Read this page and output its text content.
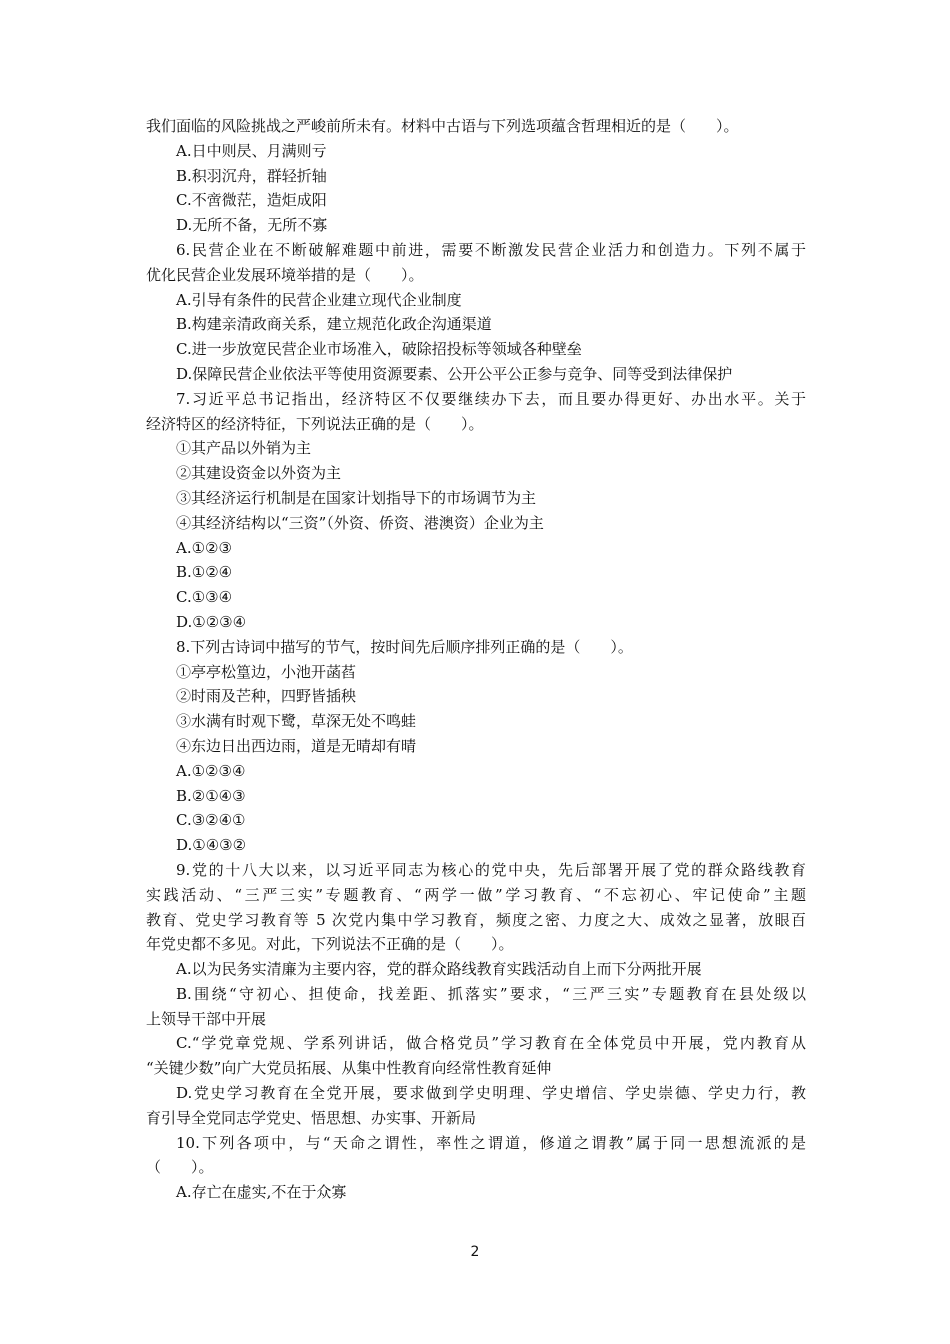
我们面临的风险挑战之严峻前所未有。材料中古语与下列选项蕴含哲理相近的是（　　）。
A.日中则昃、月满则亏
B.积羽沉舟，群轻折轴
C.不啻微茫，造炬成阳
D.无所不备，无所不寡
6.民营企业在不断破解难题中前进，需要不断激发民营企业活力和创造力。下列不属于
优化民营企业发展环境举措的是（　　）。
A.引导有条件的民营企业建立现代企业制度
B.构建亲清政商关系，建立规范化政企沟通渠道
C.进一步放宽民营企业市场准入，破除招投标等领域各种壁垒
D.保障民营企业依法平等使用资源要素、公开公平公正参与竞争、同等受到法律保护
7.习近平总书记指出，经济特区不仅要继续办下去，而且要办得更好、办出水平。关于
经济特区的经济特征，下列说法正确的是（　　）。
①其产品以外销为主
②其建设资金以外资为主
③其经济运行机制是在国家计划指导下的市场调节为主
④其经济结构以“三资”（外资、侨资、港澳资）企业为主
A.①②③
B.①②④
C.①③④
D.①②③④
8.下列古诗词中描写的节气，按时间先后顺序排列正确的是（　　）。
①亭亭松篁边，小池开菡萏
②时雨及芒种，四野皆插秧
③水满有时观下鹭，草深无处不鸣蛙
④东边日出西边雨，道是无晴却有晴
A.①②③④
B.②①④③
C.③②④①
D.①④③②
9.党的十八大以来，以习近平同志为核心的党中央，先后部署开展了党的群众路线教育
实践活动、“三严三实”专题教育、“两学一做”学习教育、“不忘初心、牢记使命”主题
教育、党史学习教育等 5 次党内集中学习教育，频度之密、力度之大、成效之显著，放眼百
年党史都不多见。对此，下列说法不正确的是（　　）。
A.以为民务实清廉为主要内容，党的群众路线教育实践活动自上而下分两批开展
B.围绕“守初心、担使命，找差距、抓落实”要求，“三严三实”专题教育在县处级以
上领导干部中开展
C.“学党章党规、学系列讲话，做合格党员”学习教育在全体党员中开展，党内教育从
“关键少数”向广大党员拓展、从集中性教育向经常性教育延伸
D.党史学习教育在全党开展，要求做到学史明理、学史增信、学史崇德、学史力行，教
育引导全党同志学党史、悟思想、办实事、开新局
10.下列各项中，与“天命之谓性，率性之谓道，修道之谓教”属于同一思想流派的是
（　　）。
A.存亡在虚实,不在于众寡
2
